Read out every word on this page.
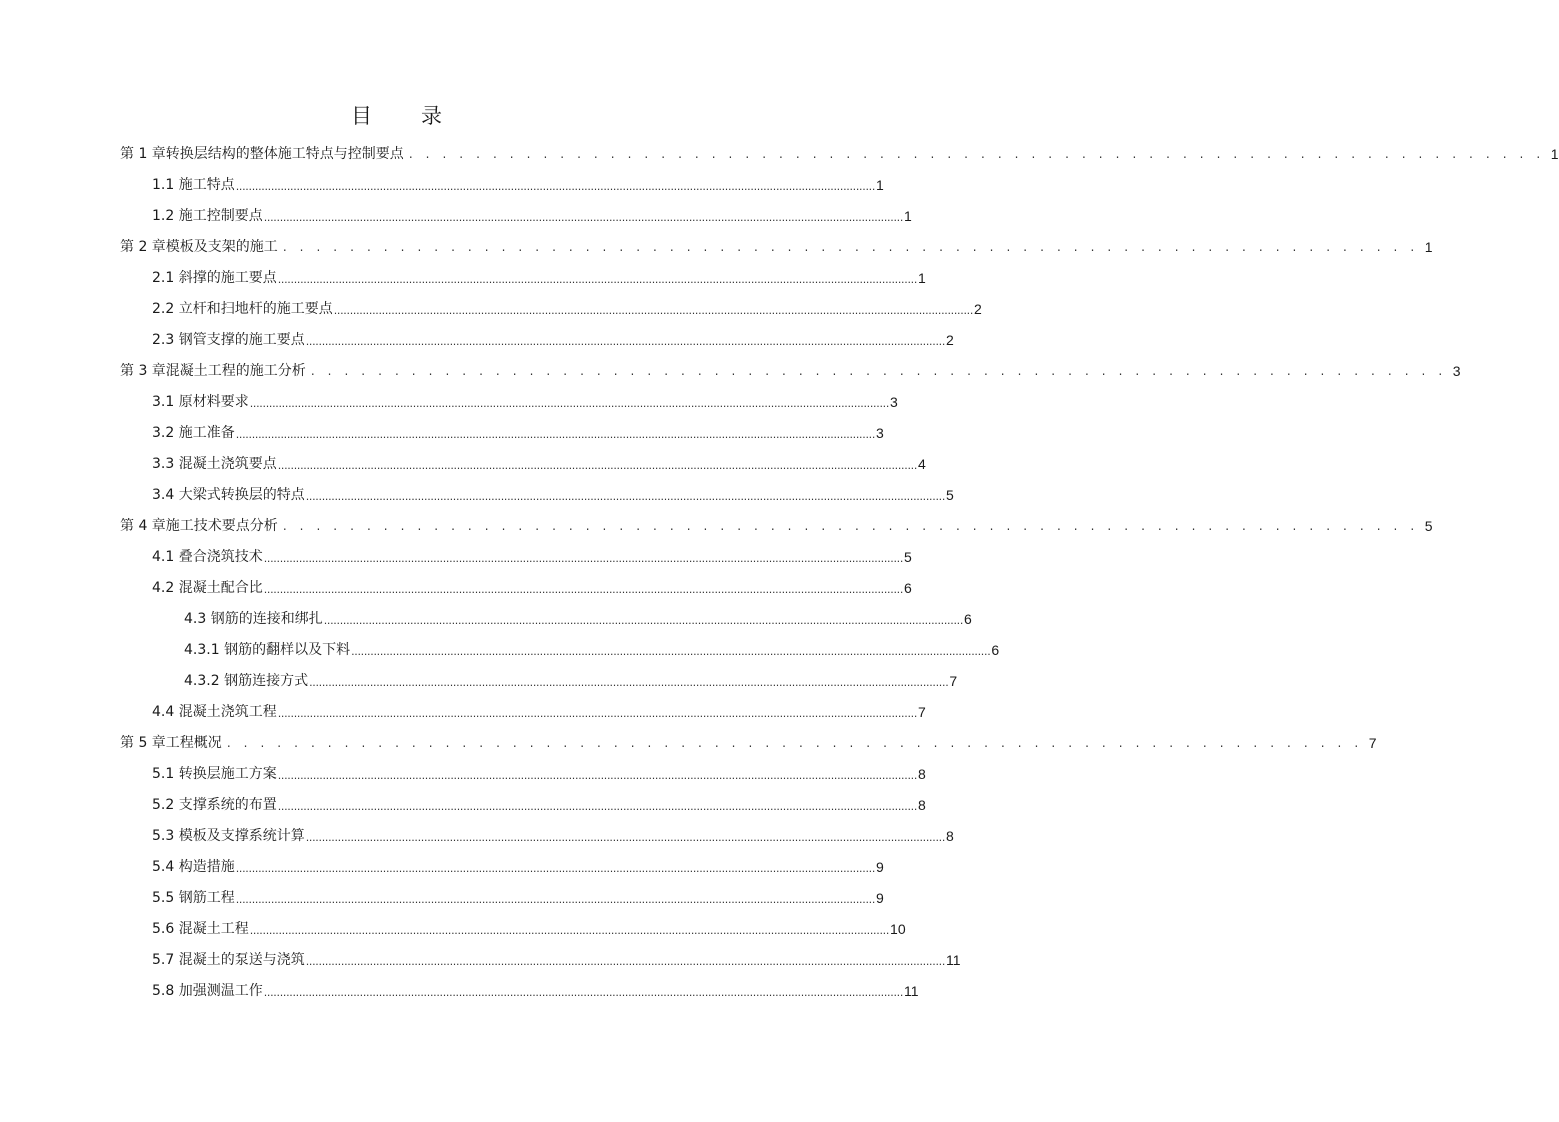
目　录
第 1 章转换层结构的整体施工特点与控制要点 . . . . . . . . . . . . . . . . . . . . . . . . . . . . . . . . . . . . . . . . . . . . . . . . . . . . . . . . . . . . . . . . . . . . 1
1.1 施工特点 ........................................................................................................................................................................................................ 1
1.2 施工控制要点 ........................................................................................................................................................................................................ 1
第 2 章模板及支架的施工 . . . . . . . . . . . . . . . . . . . . . . . . . . . . . . . . . . . . . . . . . . . . . . . . . . . . . . . . . . . . . . . . . . . . 1
2.1 斜撑的施工要点 ........................................................................................................................................................................................................ 1
2.2 立杆和扫地杆的施工要点 ........................................................................................................................................................................................................ 2
2.3 钢管支撑的施工要点 ........................................................................................................................................................................................................ 2
第 3 章混凝土工程的施工分析 . . . . . . . . . . . . . . . . . . . . . . . . . . . . . . . . . . . . . . . . . . . . . . . . . . . . . . . . . . . . . . . . . . . . 3
3.1 原材料要求 ........................................................................................................................................................................................................ 3
3.2 施工准备 ........................................................................................................................................................................................................ 3
3.3 混凝土浇筑要点 ........................................................................................................................................................................................................ 4
3.4 大梁式转换层的特点 ........................................................................................................................................................................................................ 5
第 4 章施工技术要点分析 . . . . . . . . . . . . . . . . . . . . . . . . . . . . . . . . . . . . . . . . . . . . . . . . . . . . . . . . . . . . . . . . . . . . 5
4.1 叠合浇筑技术 ........................................................................................................................................................................................................ 5
4.2 混凝土配合比 ........................................................................................................................................................................................................ 6
4.3 钢筋的连接和绑扎 ........................................................................................................................................................................................................ 6
4.3.1 钢筋的翻样以及下料 ........................................................................................................................................................................................................ 6
4.3.2 钢筋连接方式 ........................................................................................................................................................................................................ 7
4.4 混凝土浇筑工程 ........................................................................................................................................................................................................ 7
第 5 章工程概况 . . . . . . . . . . . . . . . . . . . . . . . . . . . . . . . . . . . . . . . . . . . . . . . . . . . . . . . . . . . . . . . . . . . . 7
5.1 转换层施工方案 ........................................................................................................................................................................................................ 8
5.2 支撑系统的布置 ........................................................................................................................................................................................................ 8
5.3 模板及支撑系统计算 ........................................................................................................................................................................................................ 8
5.4 构造措施 ........................................................................................................................................................................................................ 9
5.5 钢筋工程 ........................................................................................................................................................................................................ 9
5.6 混凝土工程 ........................................................................................................................................................................................................ 10
5.7 混凝土的泵送与浇筑 ........................................................................................................................................................................................................ 11
5.8 加强测温工作 ........................................................................................................................................................................................................ 11
